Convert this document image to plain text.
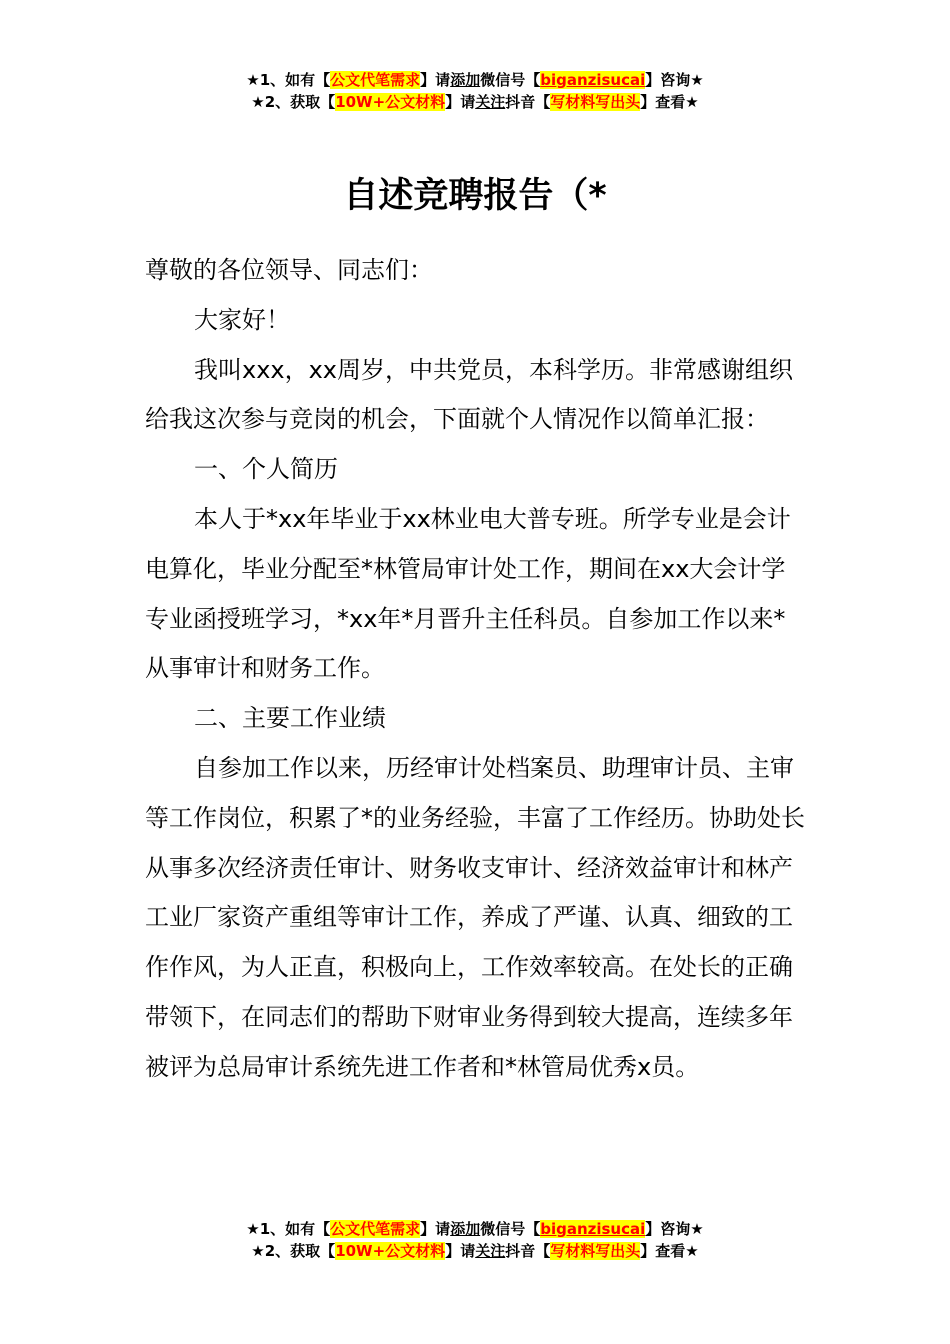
★1、如有【公文代笔需求】请添加微信号【biganzisucai】咨询★
★2、获取【10W+公文材料】请关注抖音【写材料写出头】查看★
自述竞聘报告（*

尊敬的各位领导、同志们：

大家好！

我叫xxx，xx周岁，中共党员，本科学历。非常感谢组织给我这次参与竞岗的机会，下面就个人情况作以简单汇报：

一、个人简历

本人于*xx年毕业于xx林业电大普专班。所学专业是会计电算化，毕业分配至*林管局审计处工作，期间在xx大会计学专业函授班学习，*xx年*月晋升主任科员。自参加工作以来*从事审计和财务工作。

二、主要工作业绩

自参加工作以来，历经审计处档案员、助理审计员、主审等工作岗位，积累了*的业务经验，丰富了工作经历。协助处长从事多次经济责任审计、财务收支审计、经济效益审计和林产工业厂家资产重组等审计工作，养成了严谨、认真、细致的工作作风，为人正直，积极向上，工作效率较高。在处长的正确带领下，在同志们的帮助下财审业务得到较大提高，连续多年被评为总局审计系统先进工作者和*林管局优秀x员。

★1、如有【公文代笔需求】请添加微信号【biganzisucai】咨询★
★2、获取【10W+公文材料】请关注抖音【写材料写出头】查看★
